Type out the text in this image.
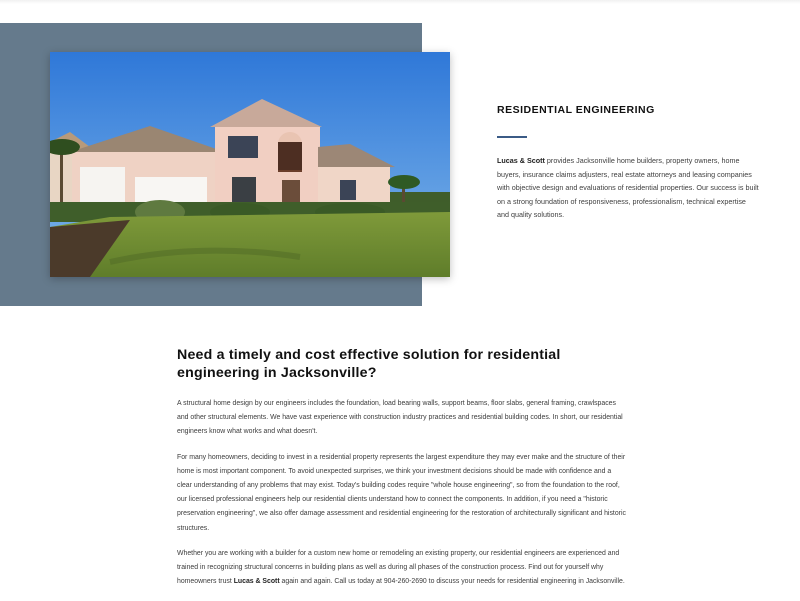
RESIDENTIAL ENGINEERING

Lucas & Scott provides Jacksonville home builders, property owners, home buyers, insurance claims adjusters, real estate attorneys and leasing companies with objective design and evaluations of residential properties. Our success is built on a strong foundation of responsiveness, professionalism, technical expertise and quality solutions.

Need a timely and cost effective solution for residential engineering in Jacksonville?

A structural home design by our engineers includes the foundation, load bearing walls, support beams, floor slabs, general framing, crawlspaces and other structural elements. We have vast experience with construction industry practices and residential building codes. In short, our residential engineers know what works and what doesn't.

For many homeowners, deciding to invest in a residential property represents the largest expenditure they may ever make and the structure of their home is most important component. To avoid unexpected surprises, we think your investment decisions should be made with confidence and a clear understanding of any problems that may exist. Today's building codes require "whole house engineering", so from the foundation to the roof, our licensed professional engineers help our residential clients understand how to connect the components. In addition, if you need a "historic preservation engineering", we also offer damage assessment and residential engineering for the restoration of architecturally significant and historic structures.

Whether you are working with a builder for a custom new home or remodeling an existing property, our residential engineers are experienced and trained in recognizing structural concerns in building plans as well as during all phases of the construction process. Find out for yourself why homeowners trust Lucas & Scott again and again. Call us today at 904-260-2690 to discuss your needs for residential engineering in Jacksonville.
